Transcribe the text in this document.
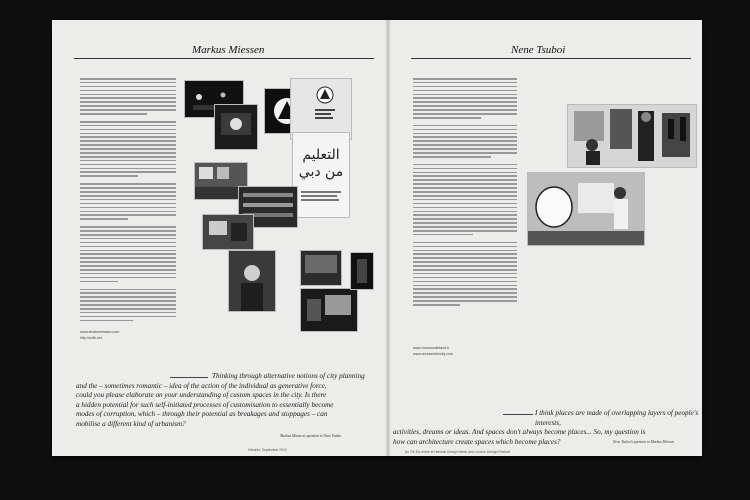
Markus Miessen
www.studiomiessen.com
http://nofb.net
التعليم من دبي
Thinking through alternative notions of city planning
and the – sometimes romantic – idea of the action of the individual as generative force,
could you please elaborate on your understanding of custom spaces in the city. Is there
a hidden potential for such self-initiated processes of customisation to essentially become
modes of corruption, which – through their potential as breakages and stoppages – can
mobilise a different kind of urbanism?
Markus Miessen's question to Nene Tsuboi
Helsinki, September 2010
Nene Tsuboi
www.moomoofinland.fi
www.recessinthecity.com
I think places are made of overlapping layers of people's interests,
activities, dreams or ideas. And spaces don't always become places... So, my question is
how can architecture create spaces which become places?	Nene Tsuboi's question to Markus Miessen
An OK Do event at Helsinki Design Week and London Design Festival
